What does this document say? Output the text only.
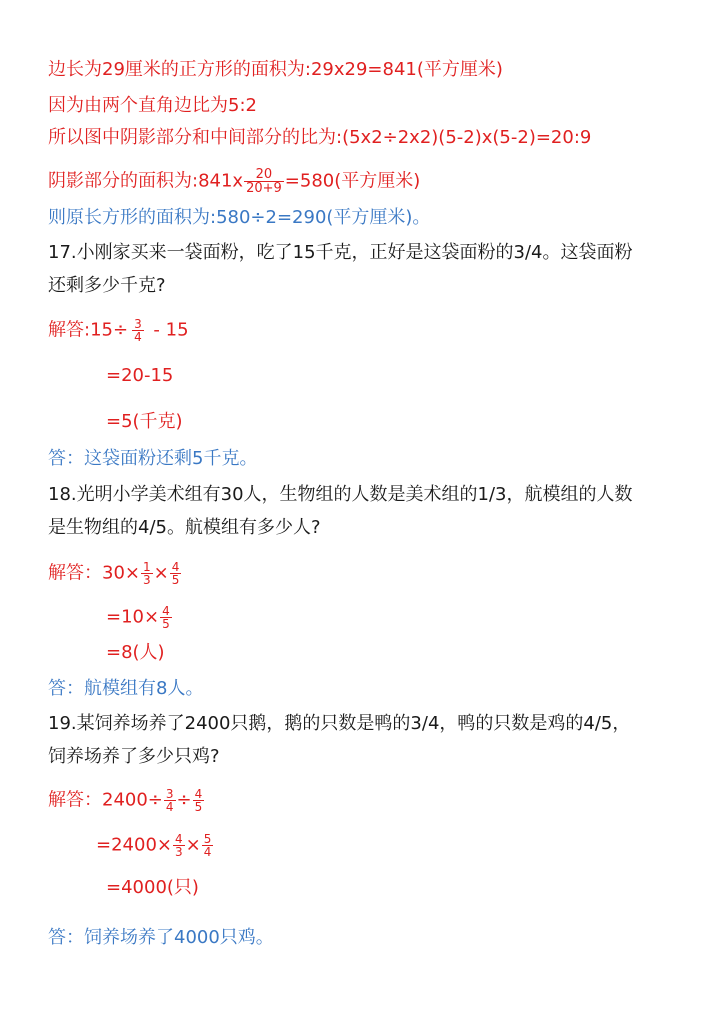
边长为29厘米的正方形的面积为:29x29=841(平方厘米)
因为由两个直角边比为5:2
所以图中阴影部分和中间部分的比为:(5x2÷2x2)(5-2)x(5-2)=20:9
阴影部分的面积为:841x $\frac{20}{20+9} =580$(平方厘米)
则原长方形的面积为:580÷2=290(平方厘米)。
17.小刚家买来一袋面粉，吃了15千克，正好是这袋面粉的3/4。这袋面粉
还剩多少千克?
解答:15÷ $\frac{3}{4} - 15$
=20-15
=5(千克)
答：这袋面粉还剩5千克。
18.光明小学美术组有30人，生物组的人数是美术组的1/3，航模组的人数
是生物组的4/5。航模组有多少人?
解答：$30\times \frac{1}{3} \times \frac{4}{5}$
$=10\times \frac{4}{5}$
=8(人)
答：航模组有8人。
19.某饲养场养了2400只鹅，鹅的只数是鸭的3/4，鸭的只数是鸡的4/5，
饲养场养了多少只鸡?
解答：$2400\div \frac{3}{4} \div \frac{4}{5}$
$=2400\times \frac{4}{3} \times \frac{5}{4}$
=4000(只)
答：饲养场养了4000只鸡。
